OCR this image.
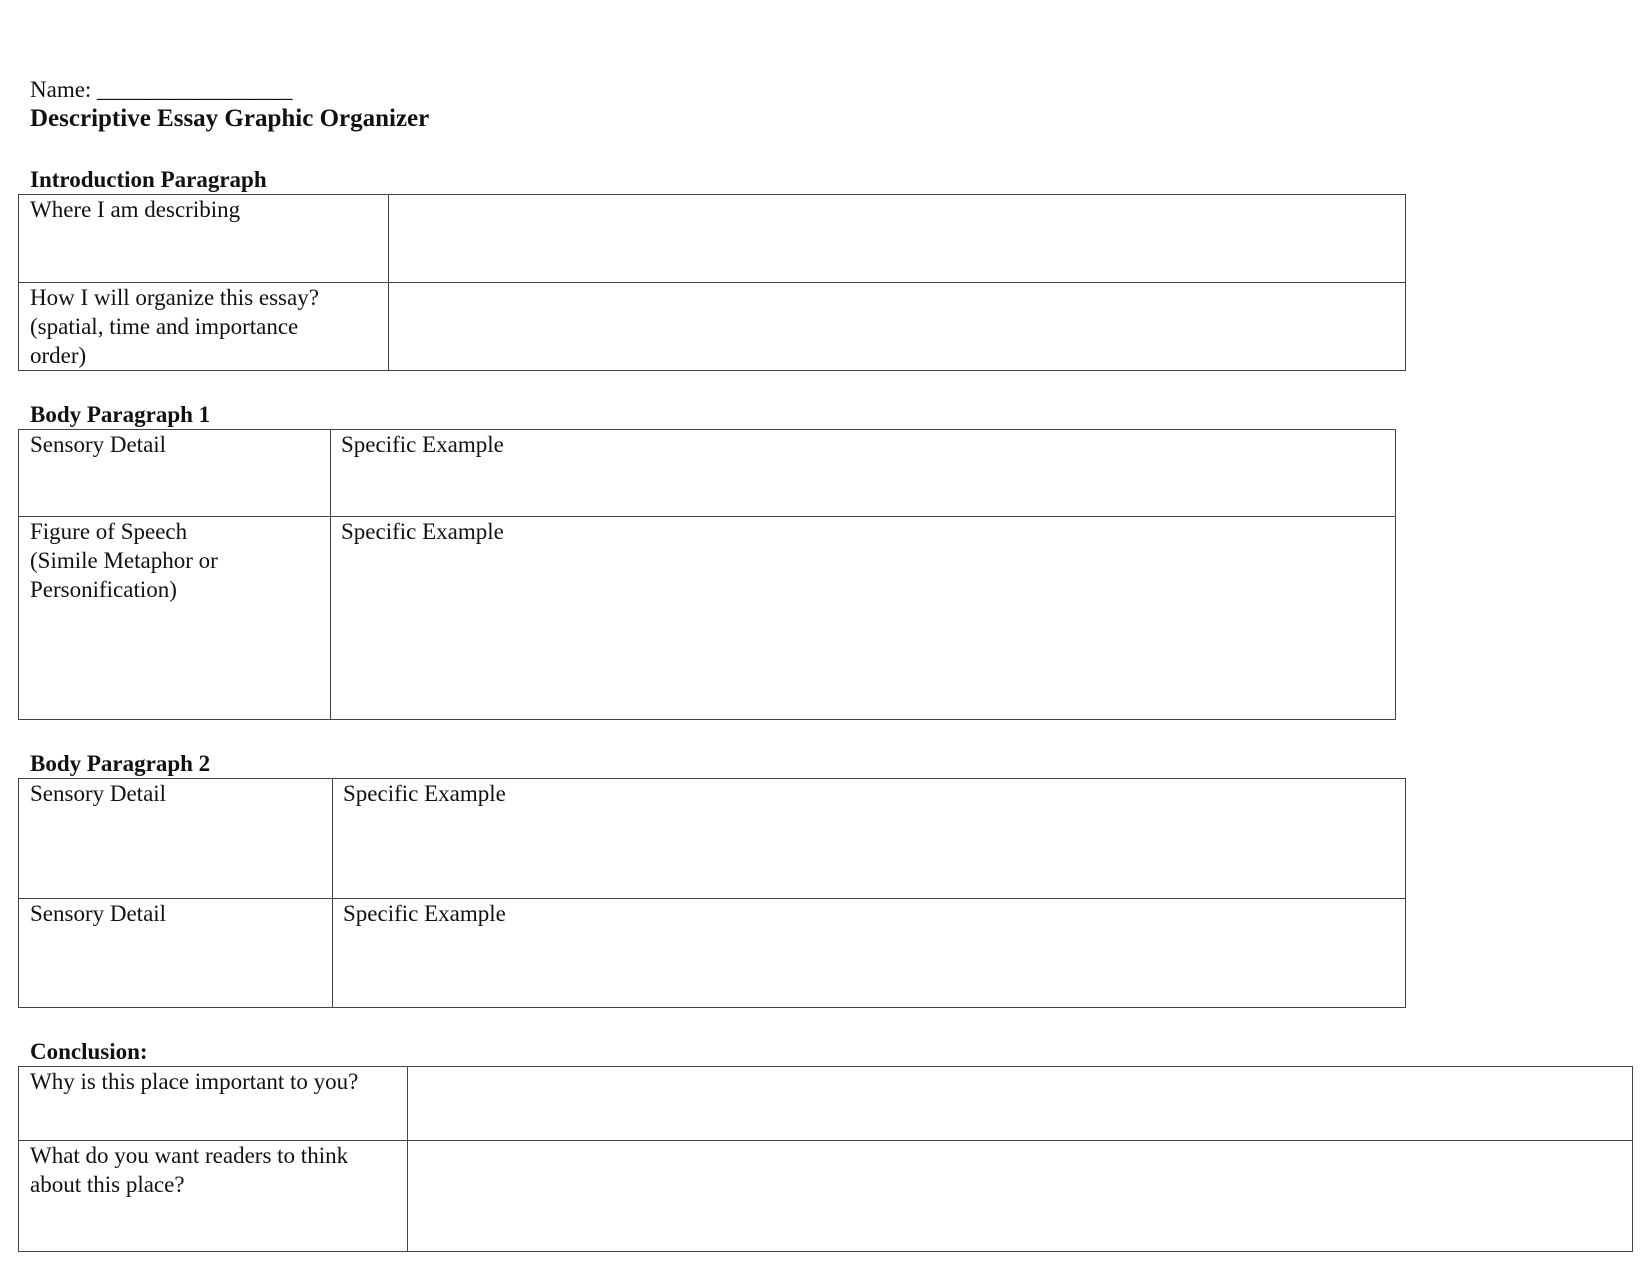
Name: _________________
Descriptive Essay Graphic Organizer
Introduction Paragraph
Where I am describing	

How I will organize this essay?
(spatial, time and importance
order)	

Body Paragraph 1
Sensory Detail	Specific Example

Figure of Speech
(Simile Metaphor or
Personification)	Specific Example
Body Paragraph 2
Sensory Detail	Specific Example

Sensory Detail	Specific Example
Conclusion:
Why is this place important to you?	

What do you want readers to think
about this place?	
